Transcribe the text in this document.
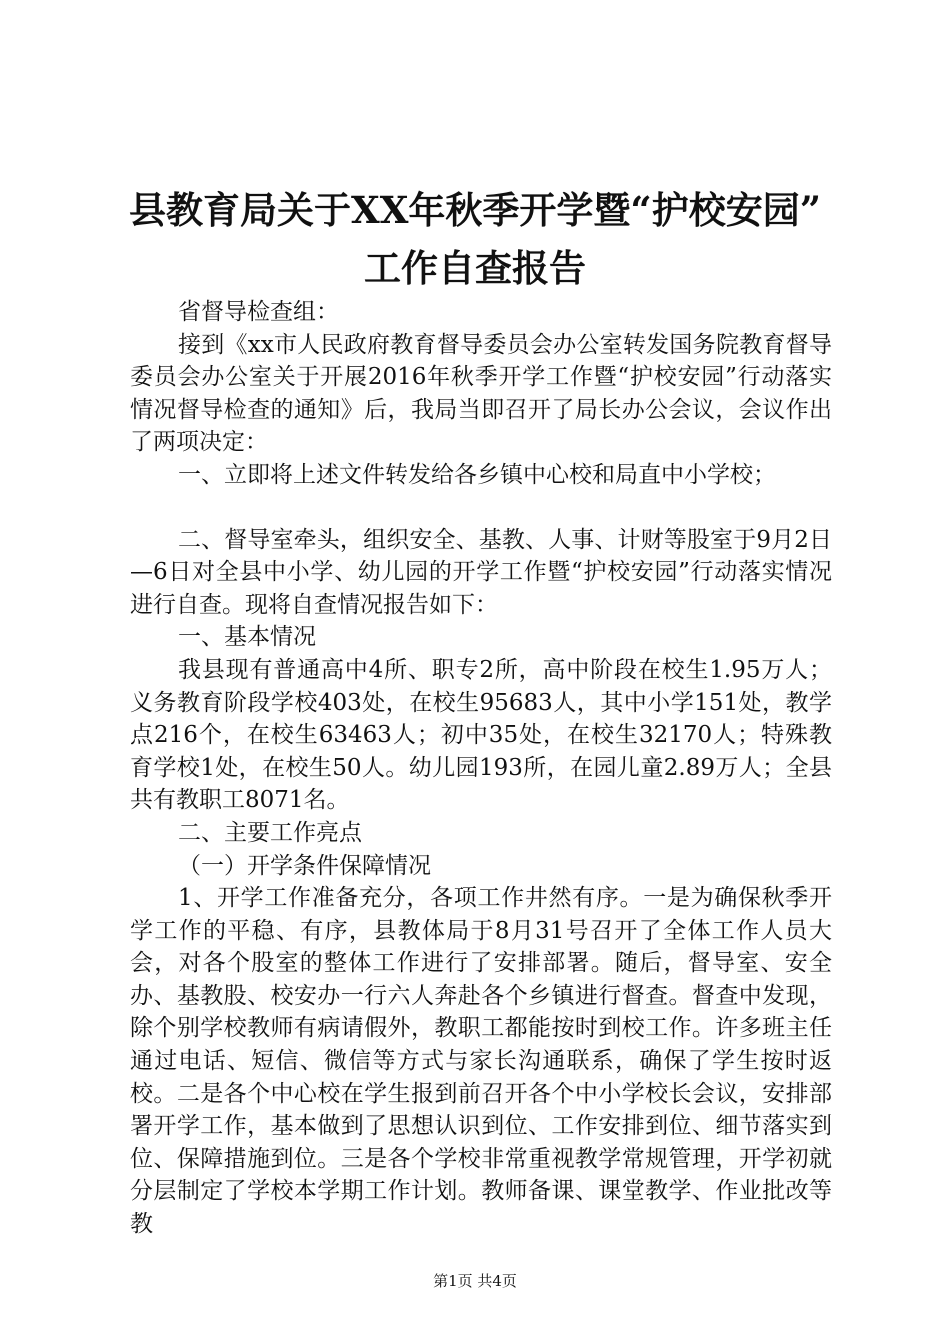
县教育局关于XX年秋季开学暨“护校安园”
工作自查报告

省督导检查组：

接到《xx市人民政府教育督导委员会办公室转发国务院教育督导委员会办公室关于开展2016年秋季开学工作暨“护校安园”行动落实情况督导检查的通知》后，我局当即召开了局长办公会议，会议作出了两项决定：

一、立即将上述文件转发给各乡镇中心校和局直中小学校；

二、督导室牵头，组织安全、基教、人事、计财等股室于9月2日—6日对全县中小学、幼儿园的开学工作暨“护校安园”行动落实情况进行自查。现将自查情况报告如下：

一、基本情况

我县现有普通高中4所、职专2所，高中阶段在校生1.95万人；义务教育阶段学校403处，在校生95683人，其中小学151处，教学点216个，在校生63463人；初中35处，在校生32170人；特殊教育学校1处，在校生50人。幼儿园193所，在园儿童2.89万人；全县共有教职工8071名。

二、主要工作亮点

（一）开学条件保障情况

1、开学工作准备充分，各项工作井然有序。一是为确保秋季开学工作的平稳、有序，县教体局于8月31号召开了全体工作人员大会，对各个股室的整体工作进行了安排部署。随后，督导室、安全办、基教股、校安办一行六人奔赴各个乡镇进行督查。督查中发现，除个别学校教师有病请假外，教职工都能按时到校工作。许多班主任通过电话、短信、微信等方式与家长沟通联系，确保了学生按时返校。二是各个中心校在学生报到前召开各个中小学校长会议，安排部署开学工作，基本做到了思想认识到位、工作安排到位、细节落实到位、保障措施到位。三是各个学校非常重视教学常规管理，开学初就分层制定了学校本学期工作计划。教师备课、课堂教学、作业批改等教

第1页 共4页
